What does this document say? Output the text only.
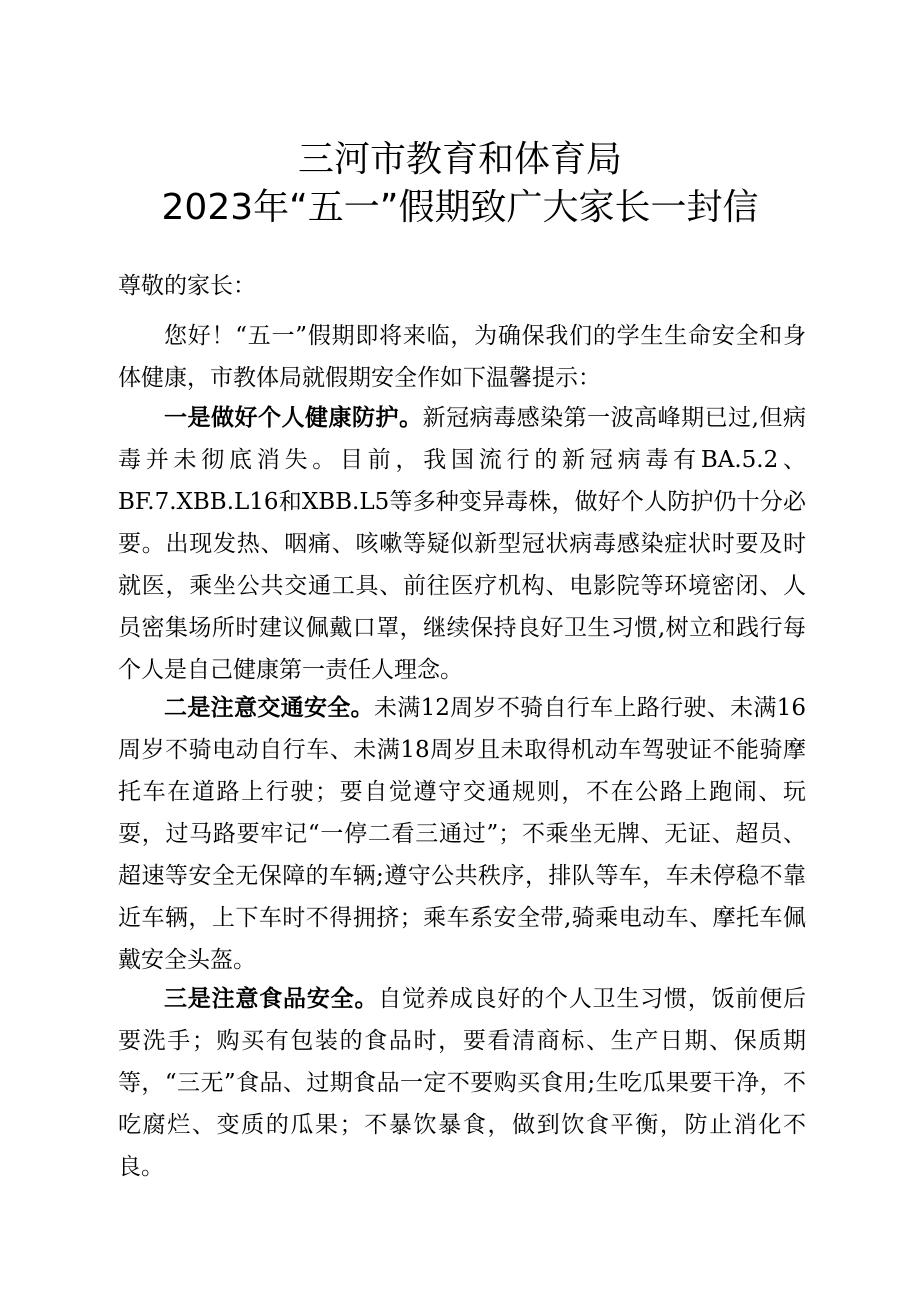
三河市教育和体育局
2023年“五一”假期致广大家长一封信

尊敬的家长：

您好！“五一”假期即将来临，为确保我们的学生生命安全和身体健康，市教体局就假期安全作如下温馨提示：

一是做好个人健康防护。新冠病毒感染第一波高峰期已过,但病毒并未彻底消失。目前，我国流行的新冠病毒有BA.5.2、BF.7.XBB.L16和XBB.L5等多种变异毒株，做好个人防护仍十分必要。出现发热、咽痛、咳嗽等疑似新型冠状病毒感染症状时要及时就医，乘坐公共交通工具、前往医疗机构、电影院等环境密闭、人员密集场所时建议佩戴口罩，继续保持良好卫生习惯,树立和践行每个人是自己健康第一责任人理念。

二是注意交通安全。未满12周岁不骑自行车上路行驶、未满16周岁不骑电动自行车、未满18周岁且未取得机动车驾驶证不能骑摩托车在道路上行驶；要自觉遵守交通规则，不在公路上跑闹、玩耍，过马路要牢记“一停二看三通过”；不乘坐无牌、无证、超员、超速等安全无保障的车辆;遵守公共秩序，排队等车，车未停稳不靠近车辆，上下车时不得拥挤；乘车系安全带,骑乘电动车、摩托车佩戴安全头盔。

三是注意食品安全。自觉养成良好的个人卫生习惯，饭前便后要洗手；购买有包装的食品时，要看清商标、生产日期、保质期等，“三无”食品、过期食品一定不要购买食用;生吃瓜果要干净，不吃腐烂、变质的瓜果；不暴饮暴食，做到饮食平衡，防止消化不良。
